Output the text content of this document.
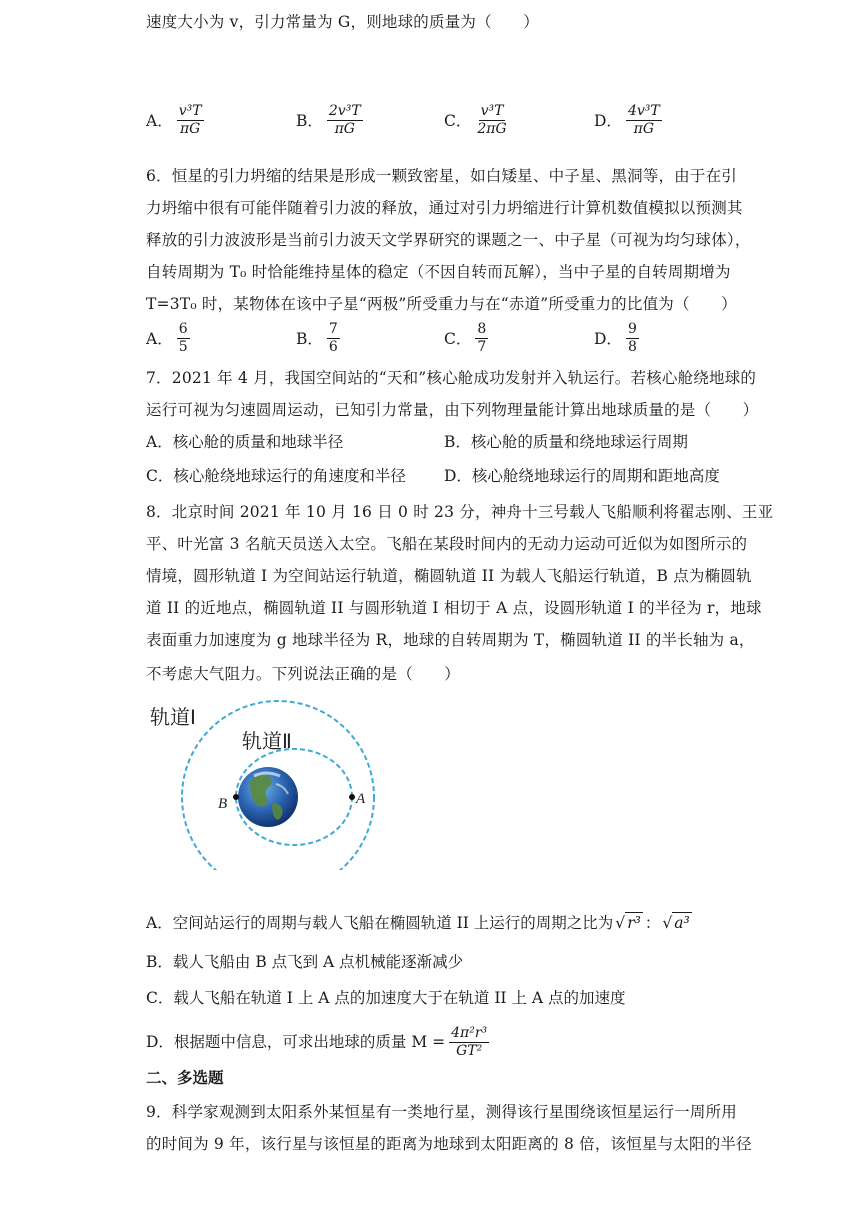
速度大小为 v，引力常量为 G，则地球的质量为（　　）
A． $\frac{\text{v³T}}{\pi G}$	B． $\frac{\text{2v³T}}{\pi G}$	C． $\frac{\text{v³T}}{2\pi G}$	D． $\frac{\text{4v³T}}{\pi G}$
6．恒星的引力坍缩的结果是形成一颗致密星，如白矮星、中子星、黑洞等，由于在引
力坍缩中很有可能伴随着引力波的释放，通过对引力坍缩进行计算机数值模拟以预测其
释放的引力波波形是当前引力波天文学界研究的课题之一、中子星（可视为均匀球体），
自转周期为 T₀ 时恰能维持星体的稳定（不因自转而瓦解），当中子星的自转周期增为
T=3T₀ 时，某物体在该中子星“两极”所受重力与在“赤道”所受重力的比值为（　　）
A． $\frac{6}{5}$	B． $\frac{7}{6}$	C． $\frac{8}{7}$	D． $\frac{9}{8}$
7．2021 年 4 月，我国空间站的“天和”核心舱成功发射并入轨运行。若核心舱绕地球的
运行可视为匀速圆周运动，已知引力常量，由下列物理量能计算出地球质量的是（　　）
A．核心舱的质量和地球半径	B．核心舱的质量和绕地球运行周期
C．核心舱绕地球运行的角速度和半径 D．核心舱绕地球运行的周期和距地高度
8．北京时间 2021 年 10 月 16 日 0 时 23 分，神舟十三号载人飞船顺利将翟志刚、王亚
平、叶光富 3 名航天员送入太空。飞船在某段时间内的无动力运动可近似为如图所示的
情境，圆形轨道 I 为空间站运行轨道，椭圆轨道 II 为载人飞船运行轨道，B 点为椭圆轨
道 II 的近地点，椭圆轨道 II 与圆形轨道 I 相切于 A 点，设圆形轨道 I 的半径为 r，地球
表面重力加速度为 g 地球半径为 R，地球的自转周期为 T，椭圆轨道 II 的半长轴为 a，
不考虑大气阻力。下列说法正确的是（　　）
轨道Ⅰ
轨道Ⅱ
B	A
A．空间站运行的周期与载人飞船在椭圆轨道 II 上运行的周期之比为 √ r³ ： √ a³
B．载人飞船由 B 点飞到 A 点机械能逐渐减少
C．载人飞船在轨道 I 上 A 点的加速度大于在轨道 II 上 A 点的加速度
D．根据题中信息，可求出地球的质量 $M = \frac{\text{4π²r³}}{\text{GT²}}$
二、多选题
9．科学家观测到太阳系外某恒星有一类地行星，测得该行星围绕该恒星运行一周所用
的时间为 9 年，该行星与该恒星的距离为地球到太阳距离的 8 倍，该恒星与太阳的半径
